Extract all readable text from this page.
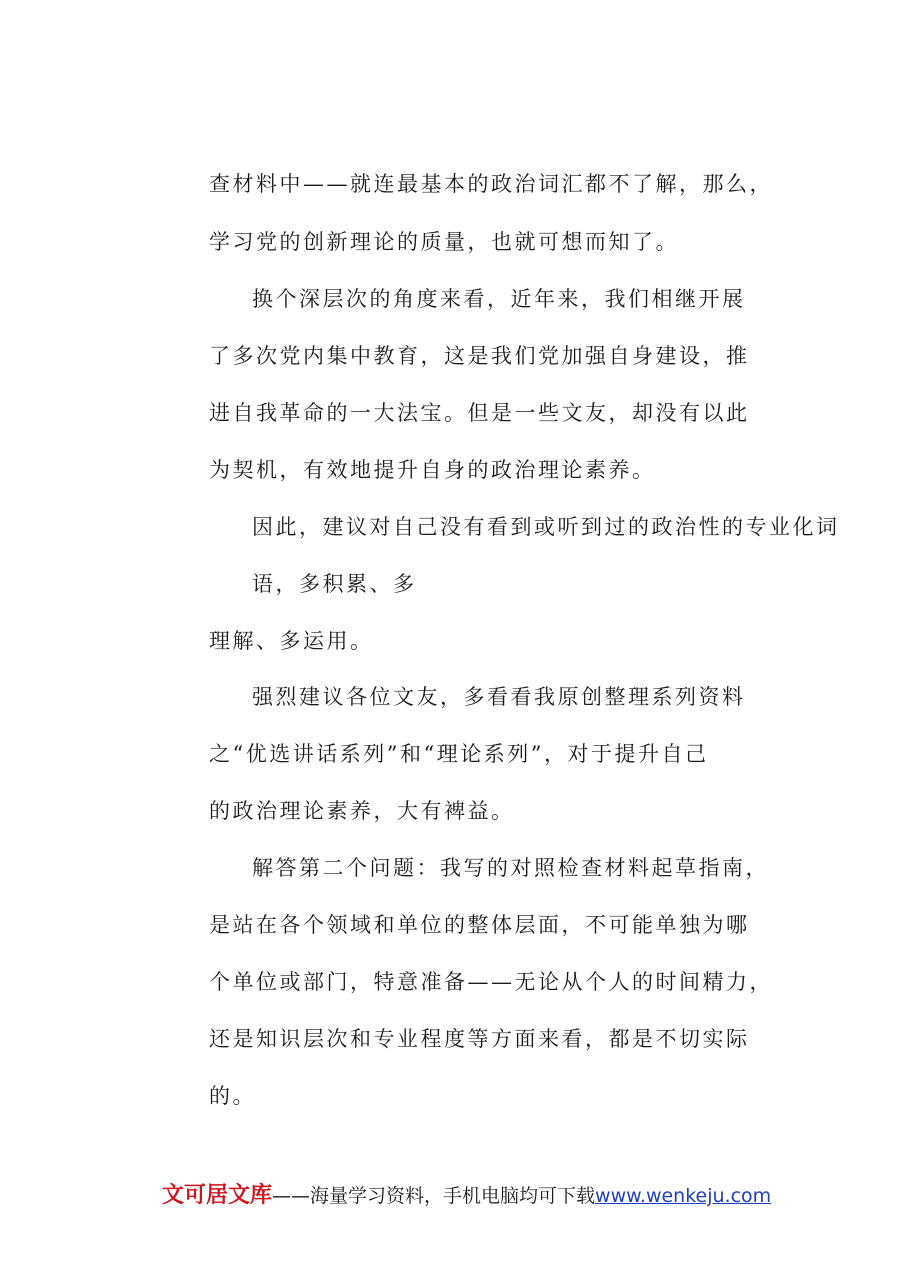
查材料中——就连最基本的政治词汇都不了解，那么，
学习党的创新理论的质量，也就可想而知了。
换个深层次的角度来看，近年来，我们相继开展
了多次党内集中教育，这是我们党加强自身建设，推
进自我革命的一大法宝。但是一些文友，却没有以此
为契机，有效地提升自身的政治理论素养。
因此，建议对自己没有看到或听到过的政治性的专业化词
语，多积累、多
理解、多运用。
强烈建议各位文友，多看看我原创整理系列资料
之“优选讲话系列”和“理论系列”，对于提升自己
的政治理论素养，大有裨益。
解答第二个问题：我写的对照检查材料起草指南，
是站在各个领域和单位的整体层面，不可能单独为哪
个单位或部门，特意准备——无论从个人的时间精力，
还是知识层次和专业程度等方面来看，都是不切实际
的。
文可居文库——海量学习资料，手机电脑均可下载www.wenkeju.com
